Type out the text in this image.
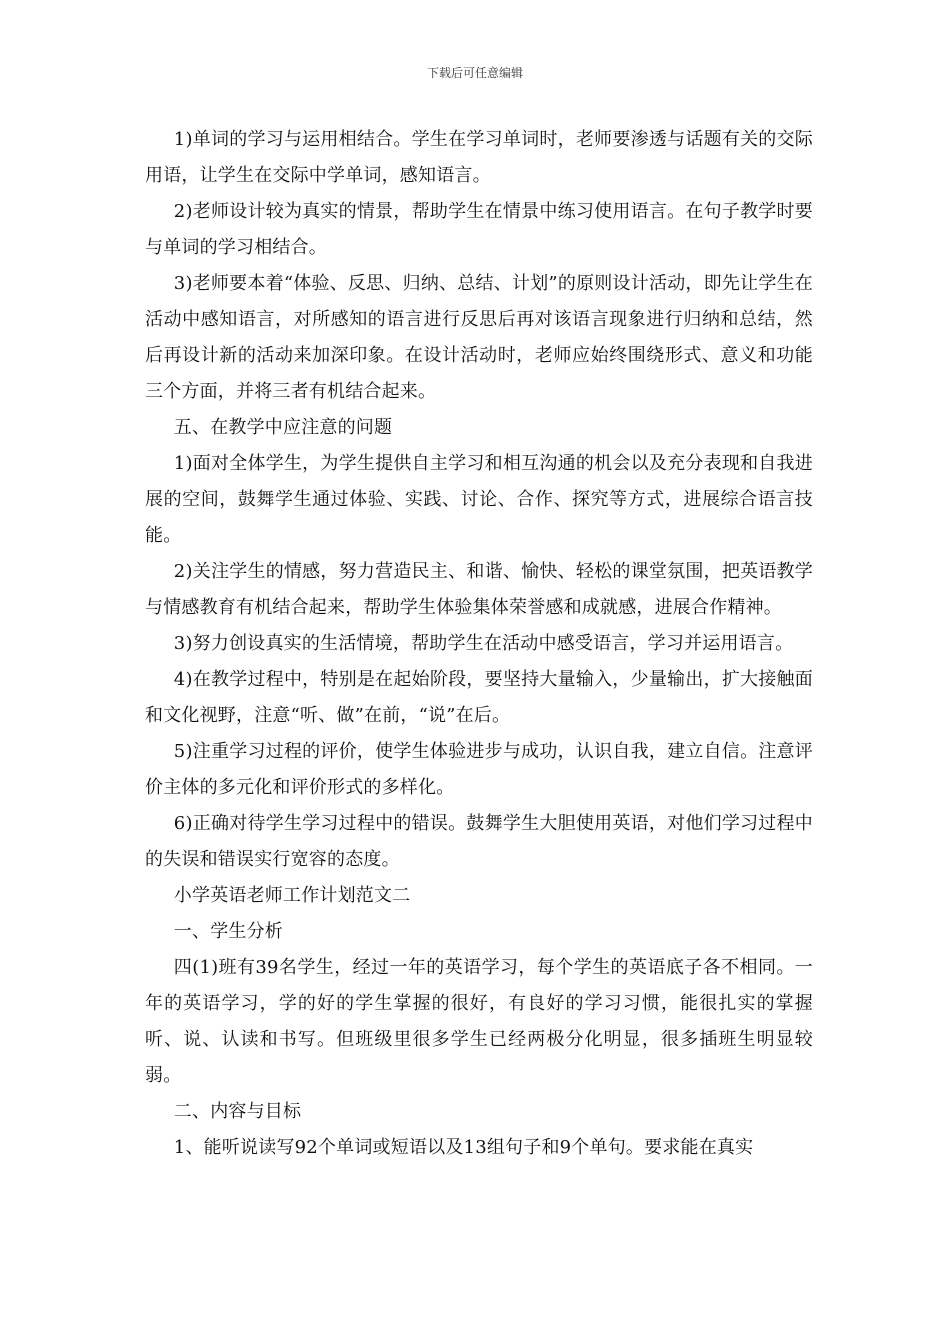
下载后可任意编辑

1)单词的学习与运用相结合。学生在学习单词时，老师要渗透与话题有关的交际用语，让学生在交际中学单词，感知语言。

2)老师设计较为真实的情景，帮助学生在情景中练习使用语言。在句子教学时要与单词的学习相结合。

3)老师要本着“体验、反思、归纳、总结、计划”的原则设计活动，即先让学生在活动中感知语言，对所感知的语言进行反思后再对该语言现象进行归纳和总结，然后再设计新的活动来加深印象。在设计活动时，老师应始终围绕形式、意义和功能三个方面，并将三者有机结合起来。

五、在教学中应注意的问题

1)面对全体学生，为学生提供自主学习和相互沟通的机会以及充分表现和自我进展的空间，鼓舞学生通过体验、实践、讨论、合作、探究等方式，进展综合语言技能。

2)关注学生的情感，努力营造民主、和谐、愉快、轻松的课堂氛围，把英语教学与情感教育有机结合起来，帮助学生体验集体荣誉感和成就感，进展合作精神。

3)努力创设真实的生活情境，帮助学生在活动中感受语言，学习并运用语言。

4)在教学过程中，特别是在起始阶段，要坚持大量输入，少量输出，扩大接触面和文化视野，注意“听、做”在前，“说”在后。

5)注重学习过程的评价，使学生体验进步与成功，认识自我，建立自信。注意评价主体的多元化和评价形式的多样化。

6)正确对待学生学习过程中的错误。鼓舞学生大胆使用英语，对他们学习过程中的失误和错误实行宽容的态度。

小学英语老师工作计划范文二

一、学生分析

四(1)班有39名学生，经过一年的英语学习，每个学生的英语底子各不相同。一年的英语学习，学的好的学生掌握的很好，有良好的学习习惯，能很扎实的掌握听、说、认读和书写。但班级里很多学生已经两极分化明显，很多插班生明显较弱。

二、内容与目标

1、能听说读写92个单词或短语以及13组句子和9个单句。要求能在真实
